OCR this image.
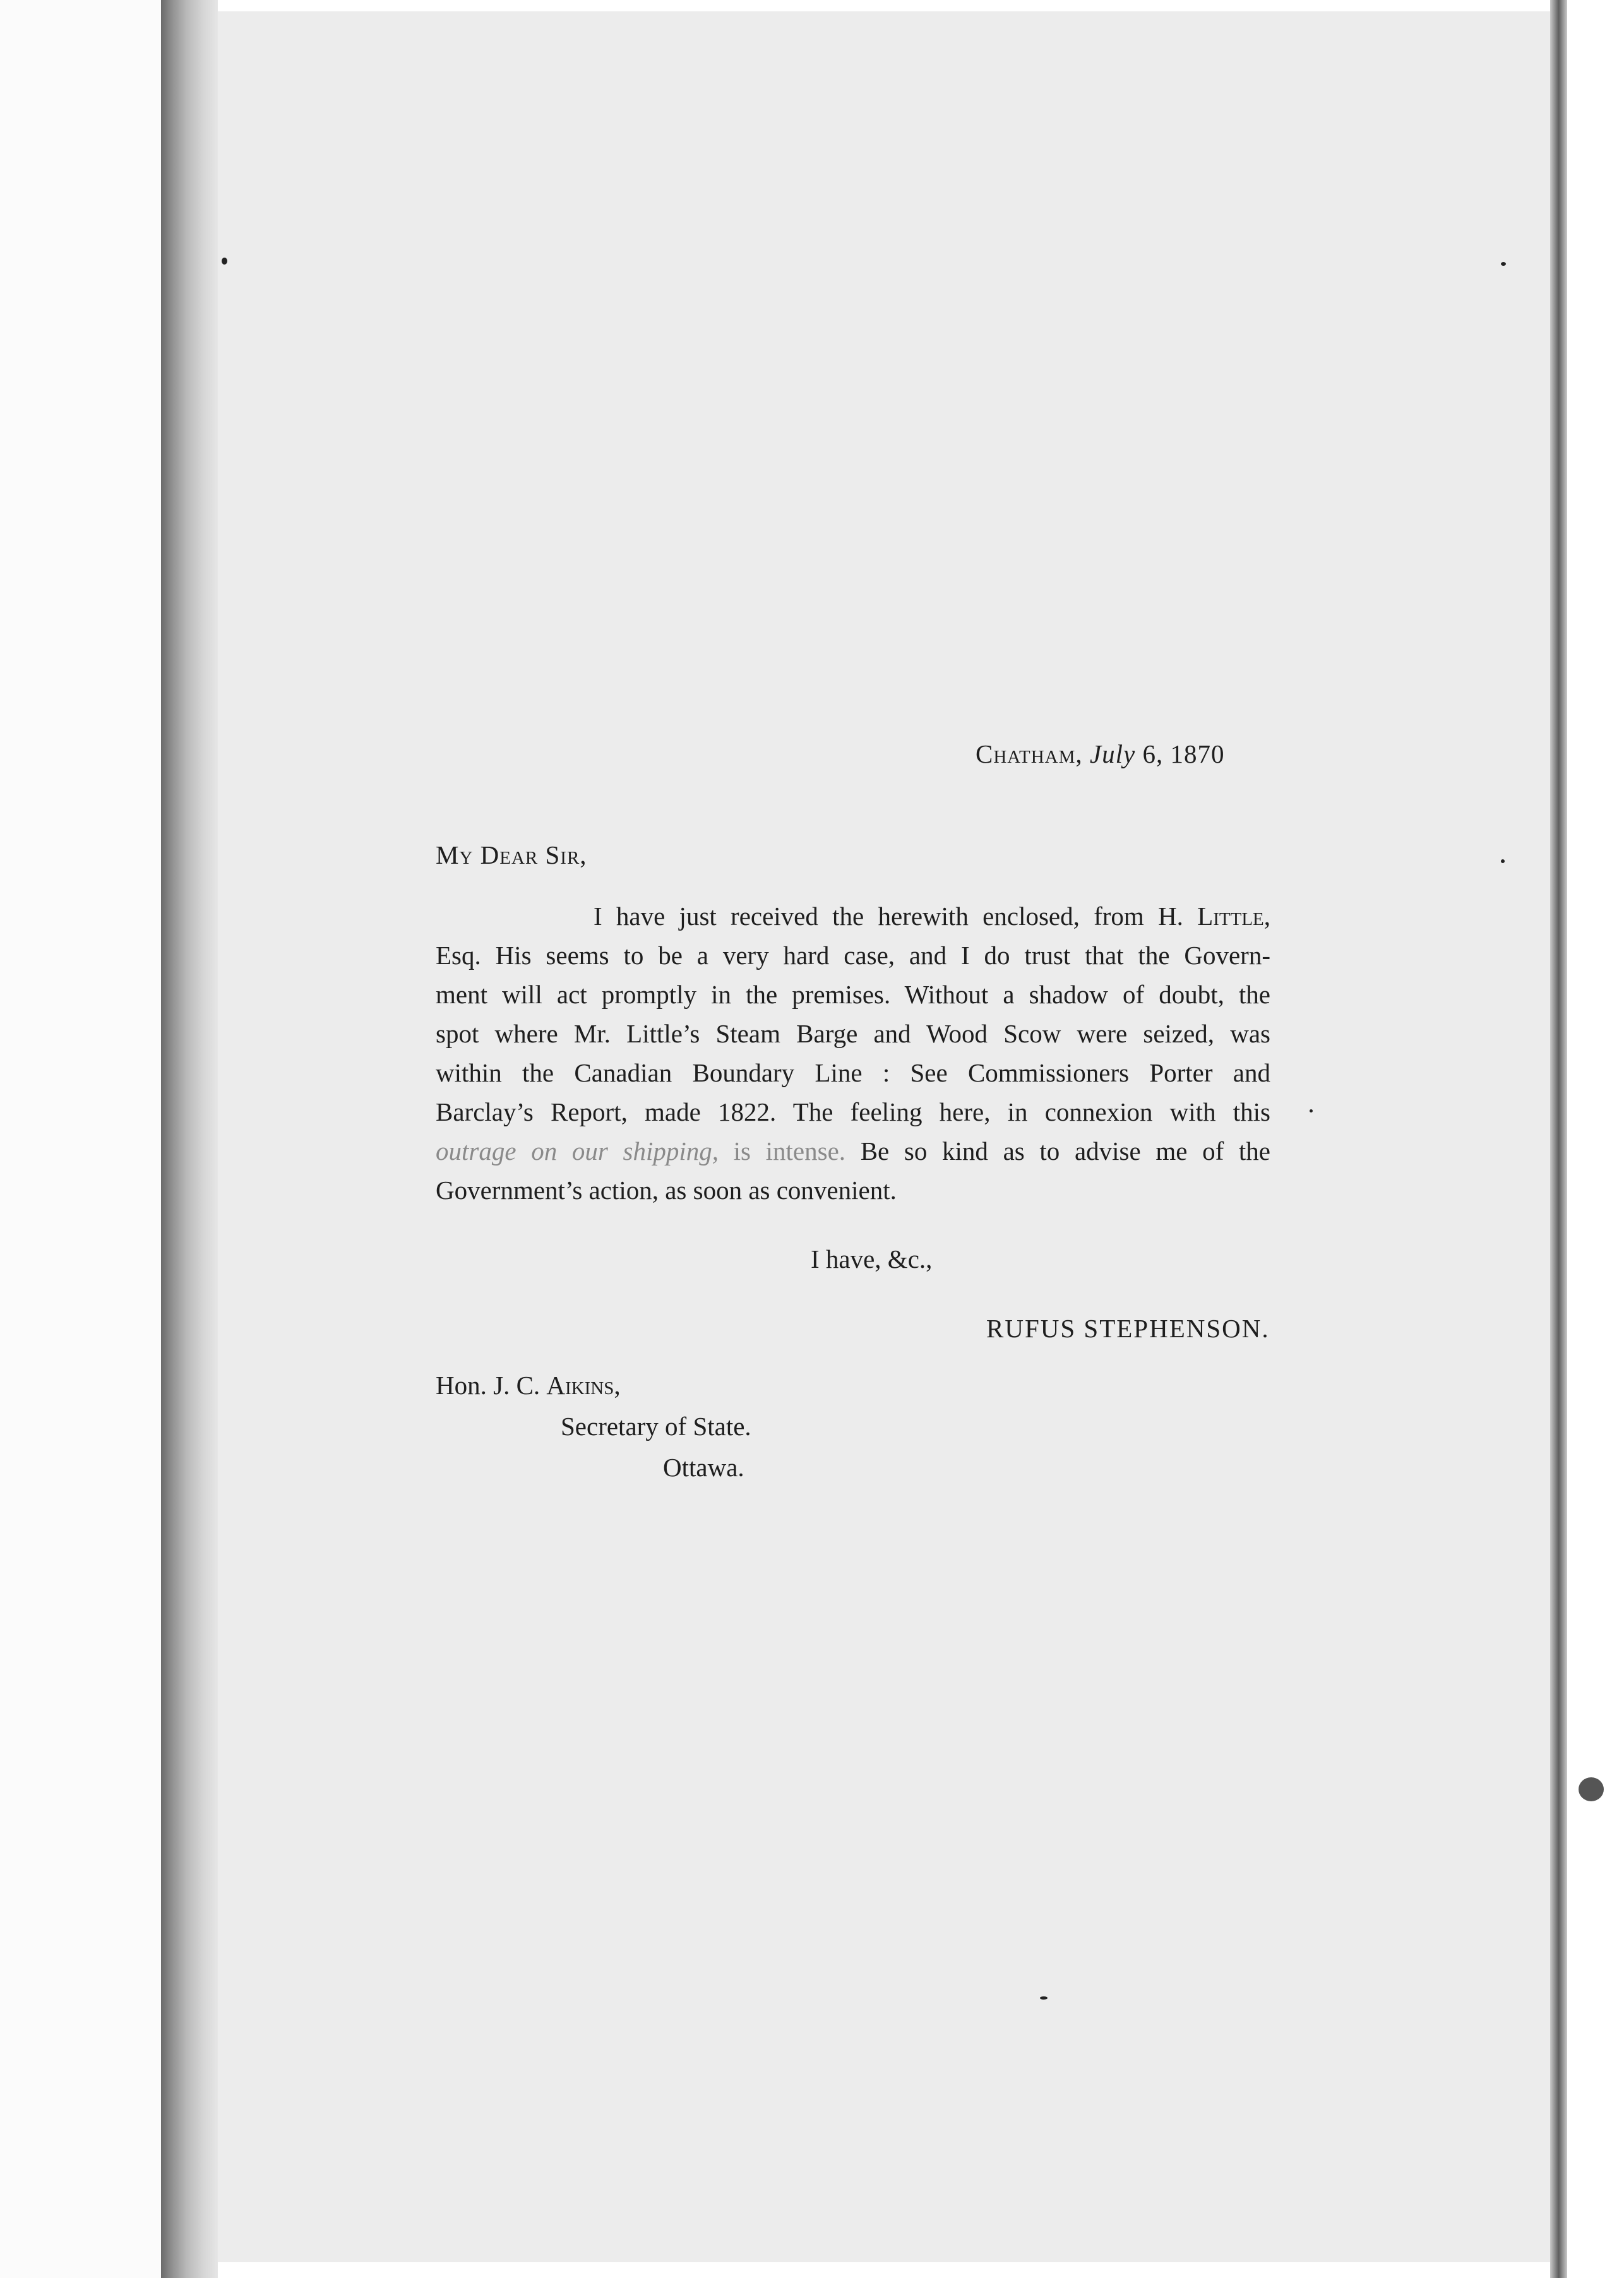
Chatham, July 6, 1870
My Dear Sir,
I have just received the herewith enclosed, from H. Little,
Esq. His seems to be a very hard case, and I do trust that the Govern-
ment will act promptly in the premises. Without a shadow of doubt, the
spot where Mr. Little’s Steam Barge and Wood Scow were seized, was
within the Canadian Boundary Line : See Commissioners Porter and
Barclay’s Report, made 1822. The feeling here, in connexion with this
outrage on our shipping, is intense. Be so kind as to advise me of the
Government’s action, as soon as convenient.
I have, &c.,
RUFUS STEPHENSON.
Hon. J. C. Aikins,
Secretary of State.
Ottawa.
